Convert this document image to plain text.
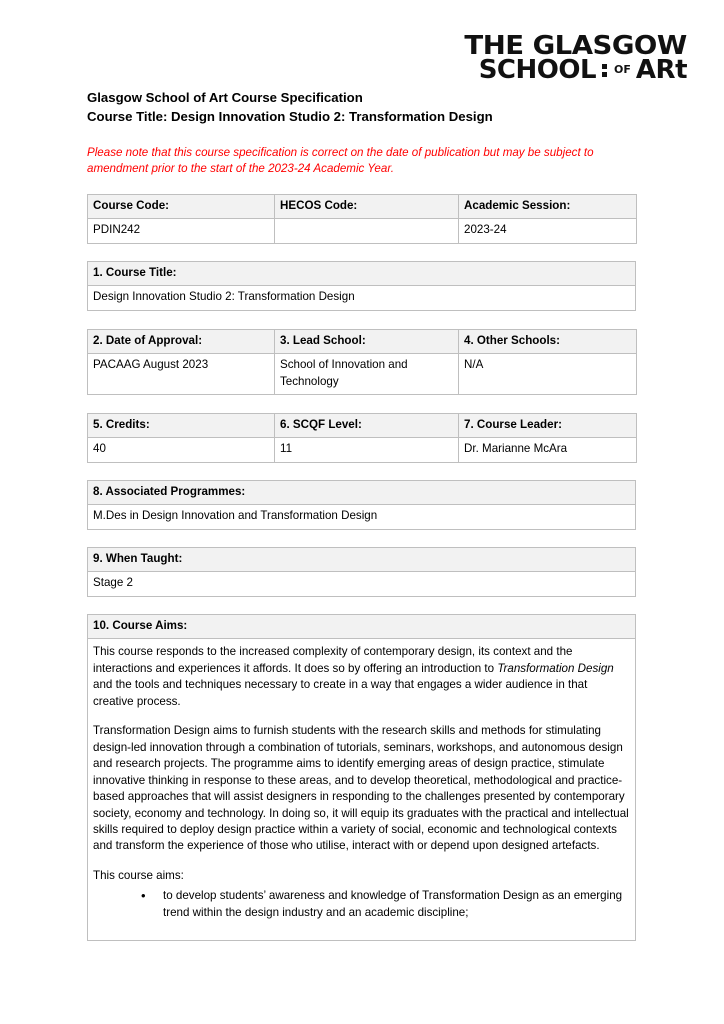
THE GLASGOW
SCHOOL OF ARt
Glasgow School of Art Course Specification
Course Title: Design Innovation Studio 2: Transformation Design
Please note that this course specification is correct on the date of publication but may be subject to amendment prior to the start of the 2023-24 Academic Year.
Course Code:	HECOS Code:	Academic Session:
PDIN242		2023-24
1. Course Title:
Design Innovation Studio 2: Transformation Design
2. Date of Approval:	3. Lead School:	4. Other Schools:
PACAAG August 2023	School of Innovation and Technology	N/A
5. Credits:	6. SCQF Level:	7. Course Leader:
40	11	Dr. Marianne McAra
8. Associated Programmes:
M.Des in Design Innovation and Transformation Design
9. When Taught:
Stage 2
10. Course Aims:

This course responds to the increased complexity of contemporary design, its context and the interactions and experiences it affords. It does so by offering an introduction to Transformation Design and the tools and techniques necessary to create in a way that engages a wider audience in that creative process.

Transformation Design aims to furnish students with the research skills and methods for stimulating design-led innovation through a combination of tutorials, seminars, workshops, and autonomous design and research projects. The programme aims to identify emerging areas of design practice, stimulate innovative thinking in response to these areas, and to develop theoretical, methodological and practice-based approaches that will assist designers in responding to the challenges presented by contemporary society, economy and technology. In doing so, it will equip its graduates with the practical and intellectual skills required to deploy design practice within a variety of social, economic and technological contexts and transform the experience of those who utilise, interact with or depend upon designed artefacts.

This course aims:

• to develop students’ awareness and knowledge of Transformation Design as an emerging trend within the design industry and an academic discipline;
